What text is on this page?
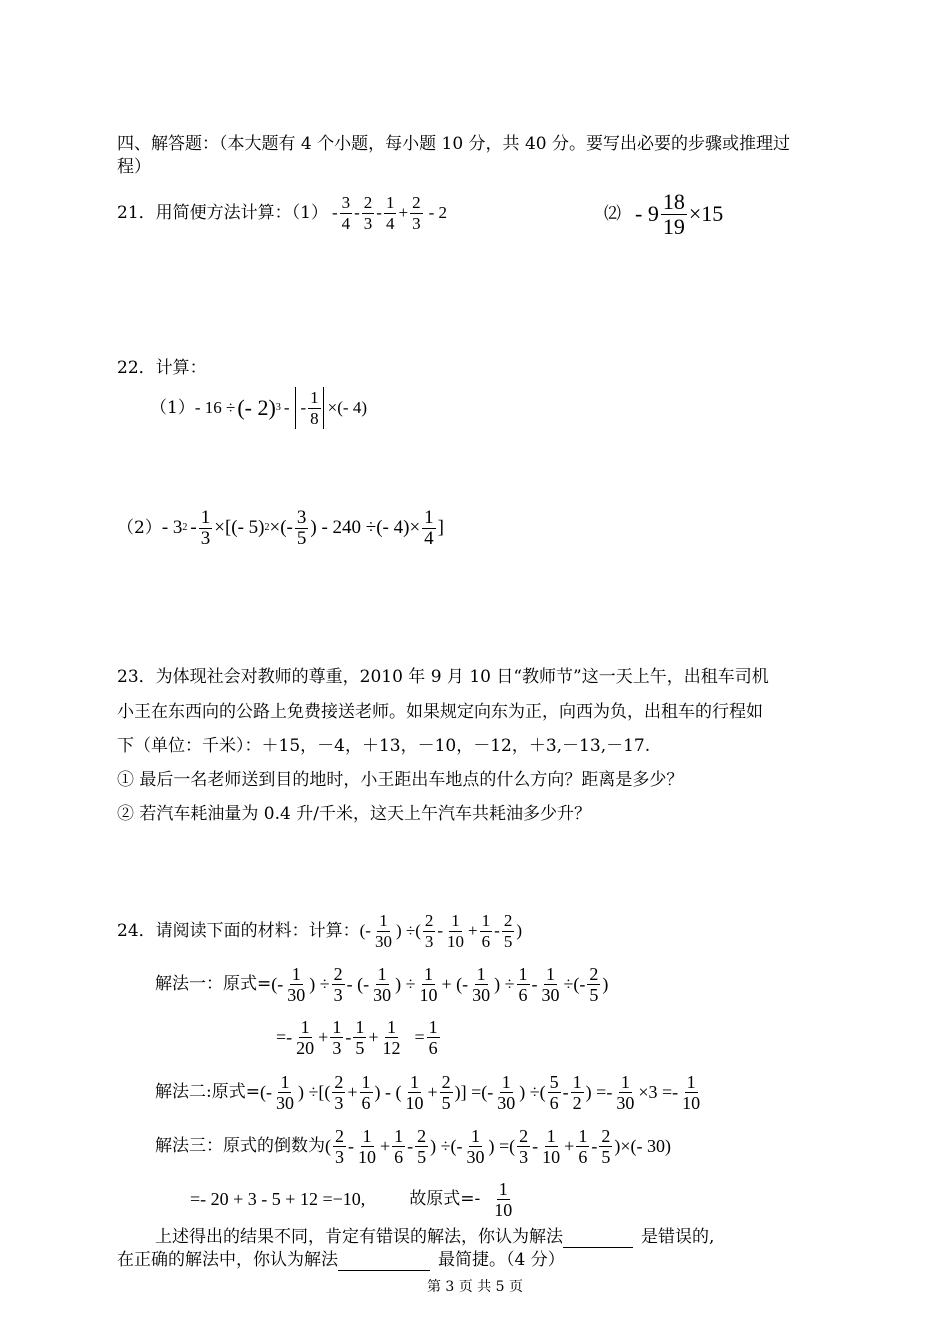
四、解答题：（本大题有 4 个小题，每小题 10 分，共 40 分。要写出必要的步骤或推理过
程）
21．用简便方法计算：（1） -
3
4
-
2
3
-
1
4
+ $\frac{2}{3} - 2$	⑵ - $9 \frac{18}{19} \times 15$
22．计算：
（1） - 16 ÷ (- 2) 3 - -
1
8
×(- 4)
（2） - 3 $2 - \frac{1}{3}$ ×[(- 5) 2 ×(- 3
5 ) - 240 ÷(- $4)\times \frac{1}{4}$ ]
23．为体现社会对教师的尊重，2010 年 9 月 10 日“教师节”这一天上午，出租车司机
小王在东西向的公路上免费接送老师。如果规定向东为正，向西为负，出租车的行程如
下（单位：千米）：＋15，－4，＋13，－10，－12，＋3,－13,－17.
① 最后一名老师送到目的地时，小王距出车地点的什么方向？距离是多少？
② 若汽车耗油量为 0.4 升/千米，这天上午汽车共耗油多少升？
24．请阅读下面的材料：计算： (-
1
30
) ÷(
2
3
-
1
10
+ $\frac{1}{6}$ -
2
5
)
解法一：原式= (-
1
30
) ÷ $\frac{2}{3}$ - (-
1
30
) ÷ $\frac{1}{10}$ + (-
1
30
) ÷ $\frac{1}{6} - \frac{1}{30}$ ÷(-
2
5
)
=-
1
20
+ $\frac{1}{3}$ -
1
5
+ $\frac{1}{12} = \frac{1}{6}$
解法二:原式= (-
1
30
) ÷[(
2
3
+ $\frac{1}{6}$ ) - (
1
10
+ $\frac{2}{5}$ )] =(-
1
30
) ÷(
5
6
-
1
2
) =- $\frac{1}{30} \times 3$ =-
1
10
解法三：原式的倒数为 (
2
3
-
1
10
+ $\frac{1}{6}$ -
2
5
) ÷(-
1
30
) =(
2
3
-
1
10
+ $\frac{1}{6}$ -
2
5
)×(- 30)
=- 20 + 3 - 5 + 12 =−10,	故原式=-
1
10
上述得出的结果不同，肯定有错误的解法，你认为解法	是错误的,
在正确的解法中，你认为解法	最简捷。（4 分）
第 3 页 共 5 页
